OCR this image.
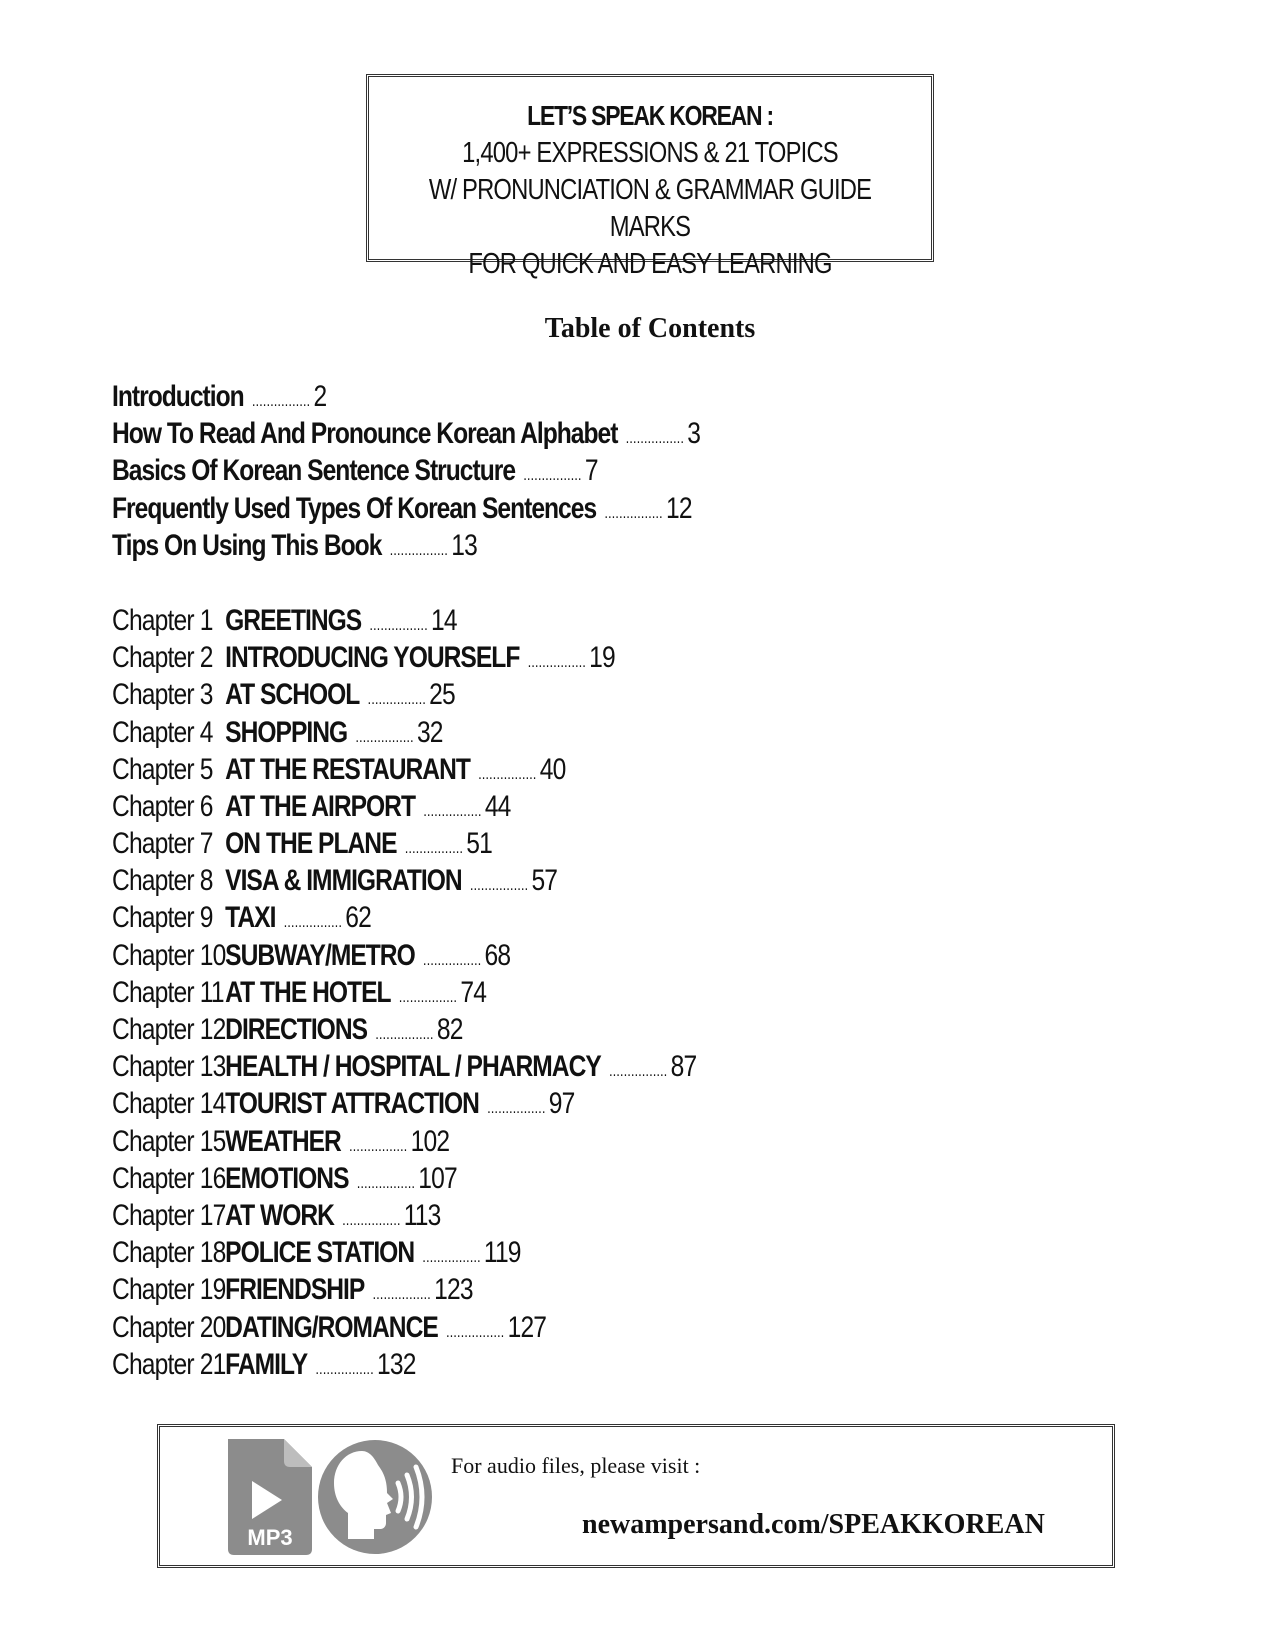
LET’S SPEAK KOREAN :
1,400+ EXPRESSIONS & 21 TOPICS
W/ PRONUNCIATION & GRAMMAR GUIDE MARKS
FOR QUICK AND EASY LEARNING
Table of Contents
Introduction ................ 2
How To Read And Pronounce Korean Alphabet ................ 3
Basics Of Korean Sentence Structure ................ 7
Frequently Used Types Of Korean Sentences ................ 12
Tips On Using This Book ................ 13
Chapter 1 GREETINGS ................ 14
Chapter 2 INTRODUCING YOURSELF ................ 19
Chapter 3 AT SCHOOL ................ 25
Chapter 4 SHOPPING ................ 32
Chapter 5 AT THE RESTAURANT ................ 40
Chapter 6 AT THE AIRPORT ................ 44
Chapter 7 ON THE PLANE ................ 51
Chapter 8 VISA & IMMIGRATION ................ 57
Chapter 9 TAXI ................ 62
Chapter 10SUBWAY/METRO ................ 68
Chapter 11AT THE HOTEL ................ 74
Chapter 12DIRECTIONS ................ 82
Chapter 13HEALTH / HOSPITAL / PHARMACY ................ 87
Chapter 14TOURIST ATTRACTION ................ 97
Chapter 15WEATHER ................ 102
Chapter 16EMOTIONS ................ 107
Chapter 17AT WORK ................ 113
Chapter 18POLICE STATION ................ 119
Chapter 19FRIENDSHIP ................ 123
Chapter 20DATING/ROMANCE ................ 127
Chapter 21FAMILY ................ 132
MP3
For audio files, please visit :
newampersand.com/SPEAKKOREAN
